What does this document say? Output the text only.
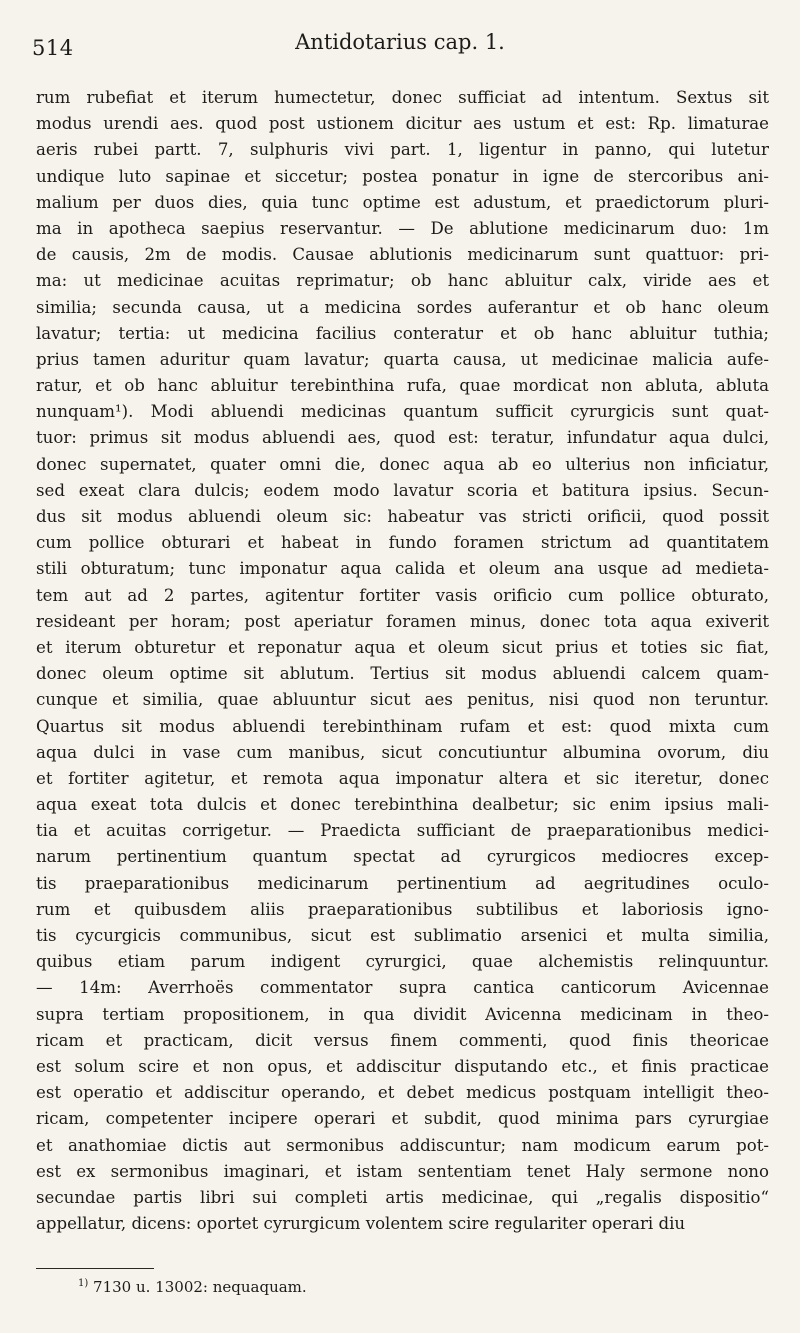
514	Antidotarius cap. 1.
rum rubefiat et iterum humectetur, donec sufficiat ad intentum. Sextus sit
modus urendi aes. quod post ustionem dicitur aes ustum et est: Rp. limaturae
aeris rubei partt. 7, sulphuris vivi part. 1, ligentur in panno, qui lutetur
undique luto sapinae et siccetur; postea ponatur in igne de stercoribus ani-
malium per duos dies, quia tunc optime est adustum, et praedictorum pluri-
ma in apotheca saepius reservantur. — De ablutione medicinarum duo: 1m
de causis, 2m de modis. Causae ablutionis medicinarum sunt quattuor: pri-
ma: ut medicinae acuitas reprimatur; ob hanc abluitur calx, viride aes et
similia; secunda causa, ut a medicina sordes auferantur et ob hanc oleum
lavatur; tertia: ut medicina facilius conteratur et ob hanc abluitur tuthia;
prius tamen aduritur quam lavatur; quarta causa, ut medicinae malicia aufe-
ratur, et ob hanc abluitur terebinthina rufa, quae mordicat non abluta, abluta
nunquam¹). Modi abluendi medicinas quantum sufficit cyrurgicis sunt quat-
tuor: primus sit modus abluendi aes, quod est: teratur, infundatur aqua dulci,
donec supernatet, quater omni die, donec aqua ab eo ulterius non inficiatur,
sed exeat clara dulcis; eodem modo lavatur scoria et batitura ipsius. Secun-
dus sit modus abluendi oleum sic: habeatur vas stricti orificii, quod possit
cum pollice obturari et habeat in fundo foramen strictum ad quantitatem
stili obturatum; tunc imponatur aqua calida et oleum ana usque ad medieta-
tem aut ad 2 partes, agitentur fortiter vasis orificio cum pollice obturato,
resideant per horam; post aperiatur foramen minus, donec tota aqua exiverit
et iterum obturetur et reponatur aqua et oleum sicut prius et toties sic fiat,
donec oleum optime sit ablutum. Tertius sit modus abluendi calcem quam-
cunque et similia, quae abluuntur sicut aes penitus, nisi quod non teruntur.
Quartus sit modus abluendi terebinthinam rufam et est: quod mixta cum
aqua dulci in vase cum manibus, sicut concutiuntur albumina ovorum, diu
et fortiter agitetur, et remota aqua imponatur altera et sic iteretur, donec
aqua exeat tota dulcis et donec terebinthina dealbetur; sic enim ipsius mali-
tia et acuitas corrigetur. — Praedicta sufficiant de praeparationibus medici-
narum pertinentium quantum spectat ad cyrurgicos mediocres excep-
tis praeparationibus medicinarum pertinentium ad aegritudines oculo-
rum et quibusdem aliis praeparationibus subtilibus et laboriosis igno-
tis cycurgicis communibus, sicut est sublimatio arsenici et multa similia,
quibus etiam parum indigent cyrurgici, quae alchemistis relinquuntur.
— 14m: Averrhoës commentator supra cantica canticorum Avicennae
supra tertiam propositionem, in qua dividit Avicenna medicinam in theo-
ricam et practicam, dicit versus finem commenti, quod finis theoricae
est solum scire et non opus, et addiscitur disputando etc., et finis practicae
est operatio et addiscitur operando, et debet medicus postquam intelligit theo-
ricam, competenter incipere operari et subdit, quod minima pars cyrurgiae
et anathomiae dictis aut sermonibus addiscuntur; nam modicum earum pot-
est ex sermonibus imaginari, et istam sententiam tenet Haly sermone nono
secundae partis libri sui completi artis medicinae, qui „regalis dispositio“
appellatur, dicens: oportet cyrurgicum volentem scire regulariter operari diu
$^{1)}$ 7130 u. 13002: nequaquam.
